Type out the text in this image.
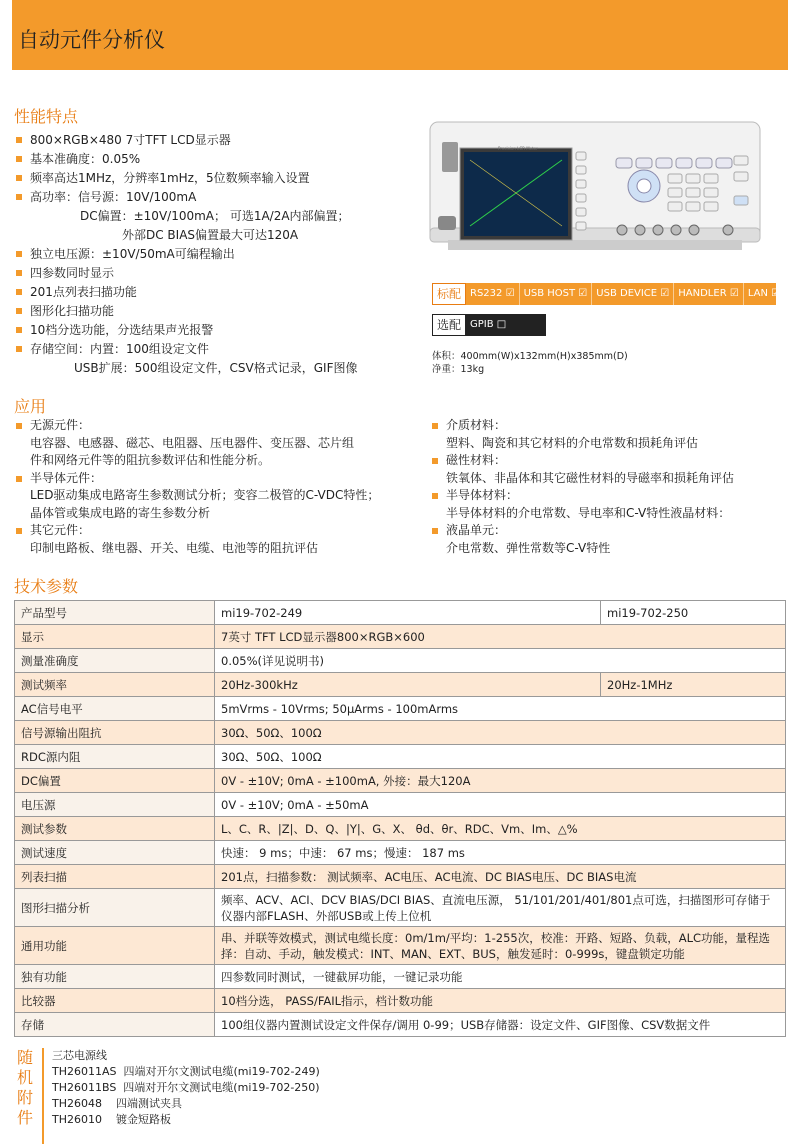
自动元件分析仪
性能特点
800×RGB×480 7寸TFT LCD显示器
基本准确度：0.05%
频率高达1MHz，分辨率1mHz，5位数频率输入设置
高功率：信号源：10V/100mA
DC偏置：±10V/100mA； 可选1A/2A内部偏置；
外部DC BIAS偏置最大可达120A
独立电压源：±10V/50mA可编程输出
四参数同时显示
201点列表扫描功能
图形化扫描功能
10档分选功能，分选结果声光报警
存储空间：内置：100组设定文件
USB扩展：500组设定文件，CSV格式记录，GIF图像
Precision LCR Meter
标配 RS232 ☑ USB HOST ☑ USB DEVICE ☑ HANDLER ☑ LAN ☑
选配 GPIB □
体积：400mm(W)x132mm(H)x385mm(D)
净重：13kg
应用
无源元件：
电容器、电感器、磁芯、电阻器、压电器件、变压器、芯片组
件和网络元件等的阻抗参数评估和性能分析。
半导体元件：
LED驱动集成电路寄生参数测试分析；变容二极管的C-VDC特性；
晶体管或集成电路的寄生参数分析
其它元件：
印制电路板、继电器、开关、电缆、电池等的阻抗评估
介质材料：
塑料、陶瓷和其它材料的介电常数和损耗角评估
磁性材料：
铁氧体、非晶体和其它磁性材料的导磁率和损耗角评估
半导体材料：
半导体材料的介电常数、导电率和C-V特性液晶材料：
液晶单元：
介电常数、弹性常数等C-V特性
技术参数
产品型号	mi19-702-249	mi19-702-250
显示	7英寸 TFT LCD显示器800×RGB×600	
测量准确度	0.05%(详见说明书)	
测试频率	20Hz-300kHz	20Hz-1MHz
AC信号电平	5mVrms - 10Vrms; 50μArms - 100mArms	
信号源输出阻抗	30Ω、50Ω、100Ω	
RDC源内阻	30Ω、50Ω、100Ω	
DC偏置	0V - ±10V; 0mA - ±100mA, 外接：最大120A	
电压源	0V - ±10V; 0mA - ±50mA	
测试参数	L、C、R、|Z|、D、Q、|Y|、G、X、 θd、θr、RDC、Vm、Im、△%	
测试速度	快速： 9 ms；中速： 67 ms；慢速： 187 ms	
列表扫描	201点，扫描参数： 测试频率、AC电压、AC电流、DC BIAS电压、DC BIAS电流	
图形扫描分析	频率、ACV、ACI、DCV BIAS/DCI BIAS、直流电压源， 51/101/201/401/801点可选，扫描图形可存储于仪器内部FLASH、外部USB或上传上位机	
通用功能	串、并联等效模式，测试电缆长度：0m/1m/平均：1-255次，校准：开路、短路、负载，ALC功能，量程选择：自动、手动，触发模式：INT、MAN、EXT、BUS，触发延时：0-999s，键盘锁定功能	
独有功能	四参数同时测试，一键截屏功能，一键记录功能	
比较器	10档分选， PASS/FAIL指示，档计数功能	
存储	100组仪器内置测试设定文件保存/调用 0-99；USB存储器：设定文件、GIF图像、CSV数据文件	
随
机
附
件
三芯电源线
TH26011AS  四端对开尔文测试电缆(mi19-702-249)
TH26011BS  四端对开尔文测试电缆(mi19-702-250)
TH26048    四端测试夹具
TH26010    镀金短路板
